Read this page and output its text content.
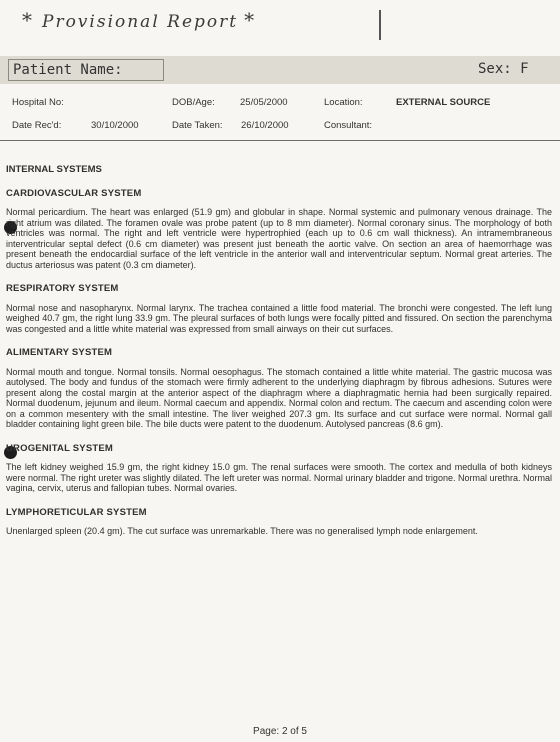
* Provisional Report *
Patient Name:	Sex: F
Hospital No:	DOB/Age:	25/05/2000	Location:	EXTERNAL SOURCE
Date Rec'd:	30/10/2000	Date Taken: 26/10/2000	Consultant:
INTERNAL SYSTEMS
CARDIOVASCULAR SYSTEM

Normal pericardium. The heart was enlarged (51.9 gm) and globular in shape. Normal systemic and pulmonary venous drainage. The right atrium was dilated. The foramen ovale was probe patent (up to 8 mm diameter). Normal coronary sinus. The morphology of both ventricles was normal. The right and left ventricle were hypertrophied (each up to 0.6 cm wall thickness). An intramembraneous interventricular septal defect (0.6 cm diameter) was present just beneath the aortic valve. On section an area of haemorrhage was present beneath the endocardial surface of the left ventricle in the anterior wall and interventricular septum. Normal great arteries. The ductus arteriosus was patent (0.3 cm diameter).

RESPIRATORY SYSTEM

Normal nose and nasopharynx. Normal larynx. The trachea contained a little food material. The bronchi were congested. The left lung weighed 40.7 gm, the right lung 33.9 gm. The pleural surfaces of both lungs were focally pitted and fissured. On section the parenchyma was congested and a little white material was expressed from small airways on their cut surfaces.

ALIMENTARY SYSTEM

Normal mouth and tongue. Normal tonsils. Normal oesophagus. The stomach contained a little white material. The gastric mucosa was autolysed. The body and fundus of the stomach were firmly adherent to the underlying diaphragm by fibrous adhesions. Sutures were present along the costal margin at the anterior aspect of the diaphragm where a diaphragmatic hernia had been surgically repaired. Normal duodenum, jejunum and ileum. Normal caecum and appendix. Normal colon and rectum. The caecum and ascending colon were on a common mesentery with the small intestine. The liver weighed 207.3 gm. Its surface and cut surface were normal. Normal gall bladder containing light green bile. The bile ducts were patent to the duodenum. Autolysed pancreas (8.6 gm).

UROGENITAL SYSTEM

The left kidney weighed 15.9 gm, the right kidney 15.0 gm. The renal surfaces were smooth. The cortex and medulla of both kidneys were normal. The right ureter was slightly dilated. The left ureter was normal. Normal urinary bladder and trigone. Normal urethra. Normal vagina, cervix, uterus and fallopian tubes. Normal ovaries.

LYMPHORETICULAR SYSTEM

Unenlarged spleen (20.4 gm). The cut surface was unremarkable. There was no generalised lymph node enlargement.

Page: 2 of 5
